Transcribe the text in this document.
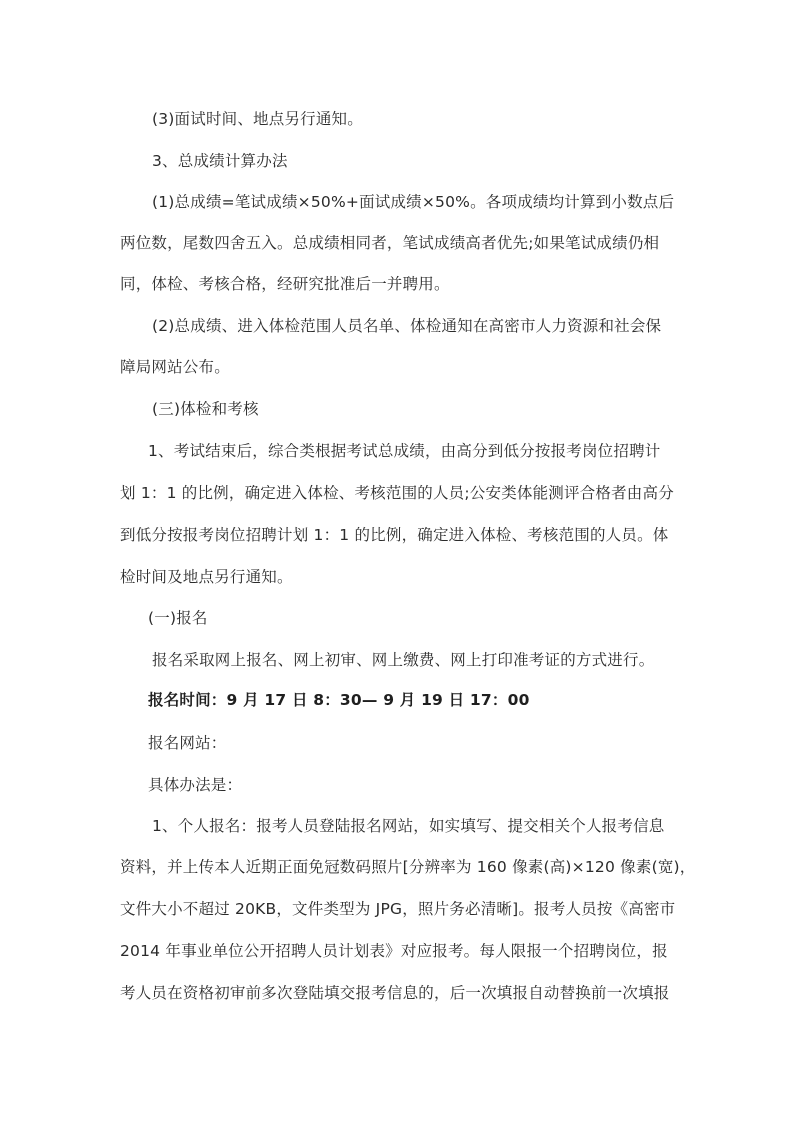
(3)面试时间、地点另行通知。
3、总成绩计算办法
(1)总成绩=笔试成绩×50%+面试成绩×50%。各项成绩均计算到小数点后
两位数，尾数四舍五入。总成绩相同者，笔试成绩高者优先;如果笔试成绩仍相
同，体检、考核合格，经研究批准后一并聘用。
(2)总成绩、进入体检范围人员名单、体检通知在高密市人力资源和社会保
障局网站公布。
(三)体检和考核
1、考试结束后，综合类根据考试总成绩，由高分到低分按报考岗位招聘计
划 1：1 的比例，确定进入体检、考核范围的人员;公安类体能测评合格者由高分
到低分按报考岗位招聘计划 1：1 的比例，确定进入体检、考核范围的人员。体
检时间及地点另行通知。
(一)报名
报名采取网上报名、网上初审、网上缴费、网上打印准考证的方式进行。
报名时间：9 月 17 日 8：30— 9 月 19 日 17：00
报名网站：
具体办法是：
1、个人报名：报考人员登陆报名网站，如实填写、提交相关个人报考信息
资料，并上传本人近期正面免冠数码照片[分辨率为 160 像素(高)×120 像素(宽)，
文件大小不超过 20KB，文件类型为 JPG，照片务必清晰]。报考人员按《高密市
2014 年事业单位公开招聘人员计划表》对应报考。每人限报一个招聘岗位，报
考人员在资格初审前多次登陆填交报考信息的，后一次填报自动替换前一次填报
